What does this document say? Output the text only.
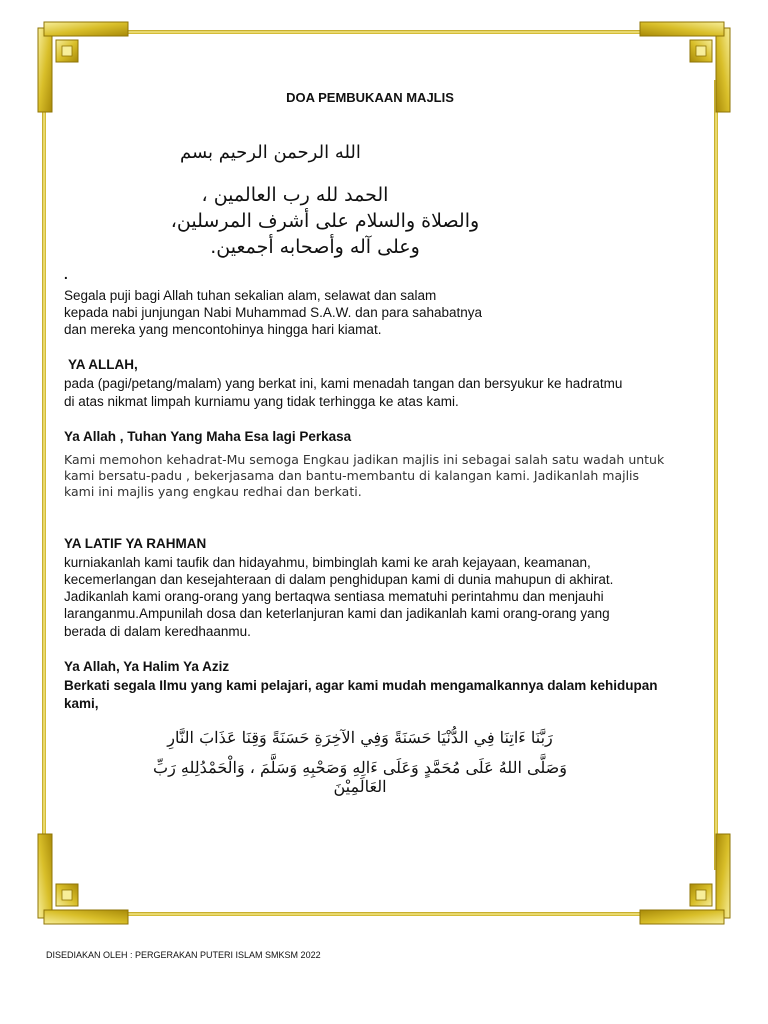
DOA PEMBUKAAN MAJLIS
الله الرحمن الرحيم بسم
الحمد لله رب العالمين ،
والصلاة والسلام على أشرف المرسلين،
وعلى آله وأصحابه أجمعين.
.
Segala puji bagi Allah tuhan sekalian alam, selawat dan salam
kepada nabi junjungan Nabi Muhammad S.A.W. dan para sahabatnya
dan mereka yang mencontohinya hingga hari kiamat.
YA ALLAH,
pada (pagi/petang/malam) yang berkat ini, kami menadah tangan dan bersyukur ke hadratmu
di atas nikmat limpah kurniamu yang tidak terhingga ke atas kami.
Ya Allah , Tuhan Yang Maha Esa lagi Perkasa
Kami memohon kehadrat-Mu semoga Engkau jadikan majlis ini sebagai salah satu wadah untuk
kami bersatu-padu , bekerjasama dan bantu-membantu di kalangan kami. Jadikanlah majlis
kami ini majlis yang engkau redhai dan berkati.
YA LATIF YA RAHMAN
kurniakanlah kami taufik dan hidayahmu, bimbinglah kami ke arah kejayaan, keamanan,
kecemerlangan dan kesejahteraan di dalam penghidupan kami di dunia mahupun di akhirat.
Jadikanlah kami orang-orang yang bertaqwa sentiasa mematuhi perintahmu dan menjauhi
laranganmu.Ampunilah dosa dan keterlanjuran kami dan jadikanlah kami orang-orang yang
berada di dalam keredhaanmu.
Ya Allah, Ya Halim Ya Aziz
Berkati segala Ilmu yang kami pelajari, agar kami mudah mengamalkannya dalam kehidupan
kami,
رَبَّنَا ءَاتِنَا فِي الدُّنْيَا حَسَنَةً وَفِي الآخِرَةِ حَسَنَةً وَقِنَا عَذَابَ النَّارِ
وَصَلَّى اللهُ عَلَى مُحَمَّدٍ وَعَلَى ءَالِهِ وَصَحْبِهِ وَسَلَّمَ ، وَالْحَمْدُلِلهِ رَبِّ العَالَمِيْنَ
DISEDIAKAN OLEH : PERGERAKAN PUTERI ISLAM SMKSM 2022
